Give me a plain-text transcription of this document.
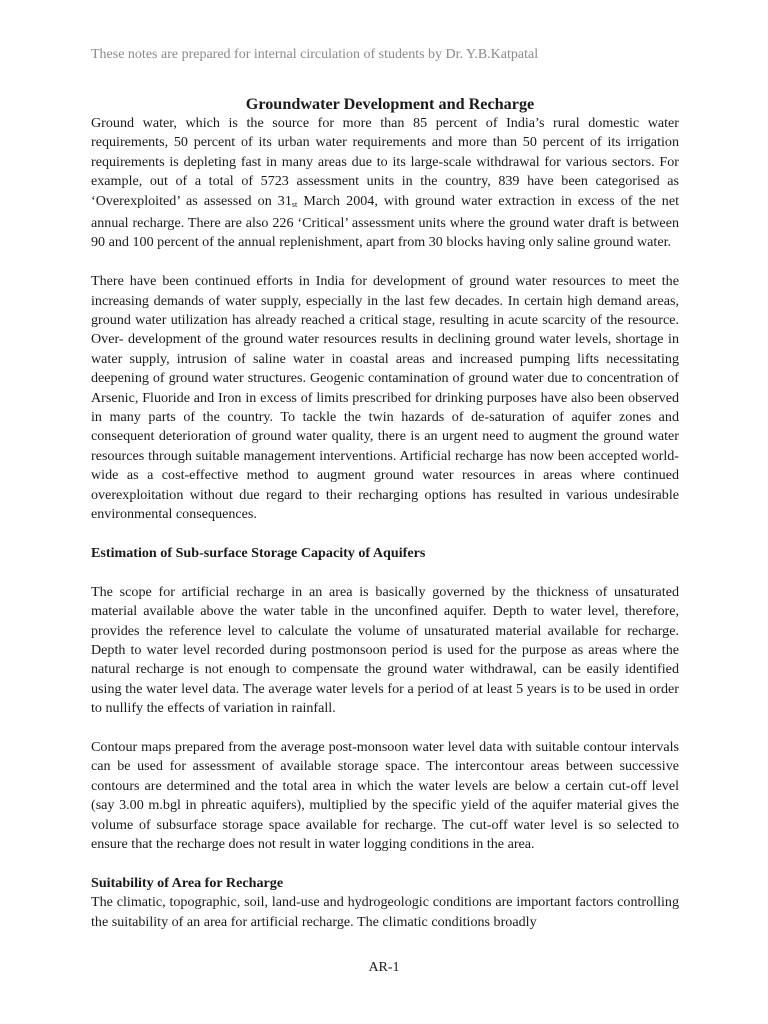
These notes are prepared for internal circulation of students by Dr. Y.B.Katpatal
Groundwater Development and Recharge

Ground water, which is the source for more than 85 percent of India’s rural domestic water requirements, 50 percent of its urban water requirements and more than 50 percent of its irrigation requirements is depleting fast in many areas due to its large-scale withdrawal for various sectors. For example, out of a total of 5723 assessment units in the country, 839 have been categorised as ‘Overexploited’ as assessed on $31_{st}$ March 2004, with ground water extraction in excess of the net annual recharge. There are also 226 ‘Critical’ assessment units where the ground water draft is between 90 and 100 percent of the annual replenishment, apart from 30 blocks having only saline ground water.

There have been continued efforts in India for development of ground water resources to meet the increasing demands of water supply, especially in the last few decades. In certain high demand areas, ground water utilization has already reached a critical stage, resulting in acute scarcity of the resource. Over- development of the ground water resources results in declining ground water levels, shortage in water supply, intrusion of saline water in coastal areas and increased pumping lifts necessitating deepening of ground water structures. Geogenic contamination of ground water due to concentration of Arsenic, Fluoride and Iron in excess of limits prescribed for drinking purposes have also been observed in many parts of the country. To tackle the twin hazards of de-saturation of aquifer zones and consequent deterioration of ground water quality, there is an urgent need to augment the ground water resources through suitable management interventions. Artificial recharge has now been accepted world-wide as a cost-effective method to augment ground water resources in areas where continued overexploitation without due regard to their recharging options has resulted in various undesirable environmental consequences.

Estimation of Sub-surface Storage Capacity of Aquifers

The scope for artificial recharge in an area is basically governed by the thickness of unsaturated material available above the water table in the unconfined aquifer. Depth to water level, therefore, provides the reference level to calculate the volume of unsaturated material available for recharge. Depth to water level recorded during postmonsoon period is used for the purpose as areas where the natural recharge is not enough to compensate the ground water withdrawal, can be easily identified using the water level data. The average water levels for a period of at least 5 years is to be used in order to nullify the effects of variation in rainfall.

Contour maps prepared from the average post-monsoon water level data with suitable contour intervals can be used for assessment of available storage space. The intercontour areas between successive contours are determined and the total area in which the water levels are below a certain cut-off level (say 3.00 m.bgl in phreatic aquifers), multiplied by the specific yield of the aquifer material gives the volume of subsurface storage space available for recharge. The cut-off water level is so selected to ensure that the recharge does not result in water logging conditions in the area.

Suitability of Area for Recharge

The climatic, topographic, soil, land-use and hydrogeologic conditions are important factors controlling the suitability of an area for artificial recharge. The climatic conditions broadly

AR-1
